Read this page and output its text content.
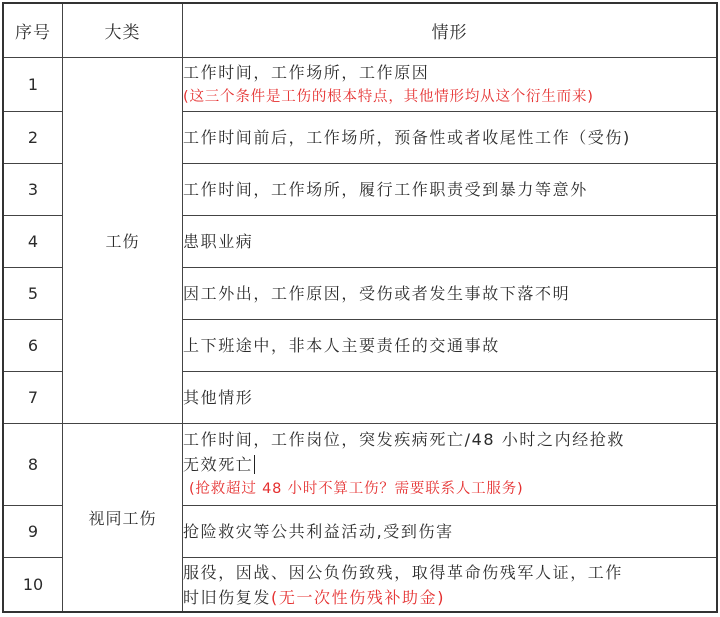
序号	大类	情形
1	工伤	工作时间，工作场所，工作原因
(这三个条件是工伤的根本特点，其他情形均从这个衍生而来)

2		工作时间前后，工作场所，预备性或者收尾性工作（受伤)
3		工作时间，工作场所，履行工作职责受到暴力等意外
4		患职业病
5		因工外出，工作原因，受伤或者发生事故下落不明
6		上下班途中，非本人主要责任的交通事故
7		其他情形
8	视同工伤	工作时间，工作岗位，突发疾病死亡/48 小时之内经抢救
无效死亡
(抢救超过 48 小时不算工伤？需要联系人工服务)

9		抢险救灾等公共利益活动,受到伤害
10		服役，因战、因公负伤致残，取得革命伤残军人证，工作
时旧伤复发(无一次性伤残补助金)
